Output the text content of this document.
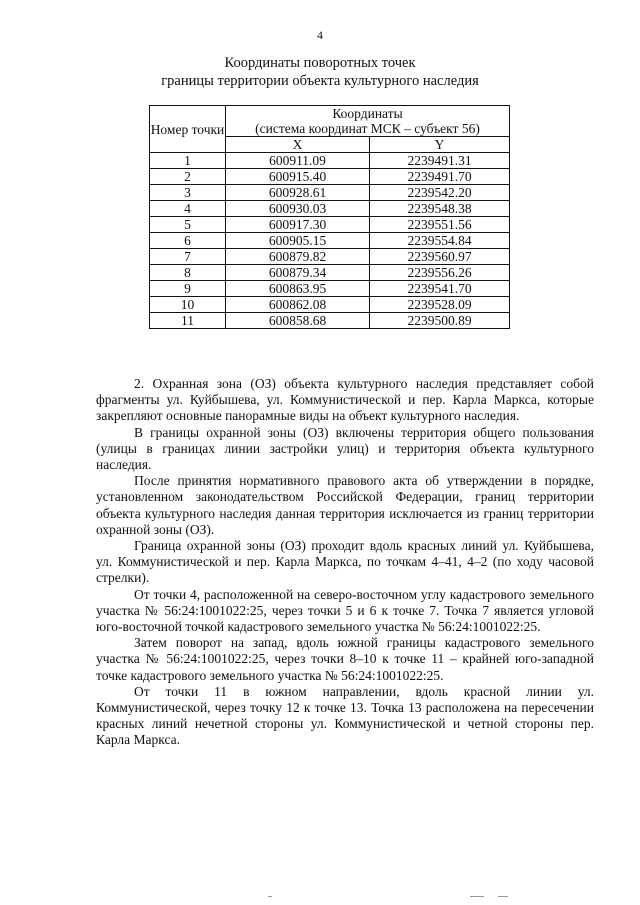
4
Координаты поворотных точек
границы территории объекта культурного наследия
Номер точки	Координаты
(система координат МСК – субъект 56)	

	X	Y
1	600911.09	2239491.31
2	600915.40	2239491.70
3	600928.61	2239542.20
4	600930.03	2239548.38
5	600917.30	2239551.56
6	600905.15	2239554.84
7	600879.82	2239560.97
8	600879.34	2239556.26
9	600863.95	2239541.70
10	600862.08	2239528.09
11	600858.68	2239500.89

2. Охранная зона (ОЗ) объекта культурного наследия представляет собой фрагменты ул. Куйбышева, ул. Коммунистической и пер. Карла Маркса, которые закрепляют основные панорамные виды на объект культурного наследия.

В границы охранной зоны (ОЗ) включены территория общего пользования (улицы в границах линии застройки улиц) и территория объекта культурного наследия.

После принятия нормативного правового акта об утверждении в порядке, установленном законодательством Российской Федерации, границ территории объекта культурного наследия данная территория исключается из границ территории охранной зоны (ОЗ).

Граница охранной зоны (ОЗ) проходит вдоль красных линий ул. Куйбышева, ул. Коммунистической и пер. Карла Маркса, по точкам 4–41, 4–2 (по ходу часовой стрелки).

От точки 4, расположенной на северо-восточном углу кадастрового земельного участка № 56:24:1001022:25, через точки 5 и 6 к точке 7. Точка 7 является угловой юго-восточной точкой кадастрового земельного участка № 56:24:1001022:25.

Затем поворот на запад, вдоль южной границы кадастрового земельного участка № 56:24:1001022:25, через точки 8–10 к точке 11 – крайней юго-западной точке кадастрового земельного участка № 56:24:1001022:25.

От точки 11 в южном направлении, вдоль красной линии ул. Коммунистической, через точку 12 к точке 13. Точка 13 расположена на пересечении красных линий нечетной стороны ул. Коммунистической и четной стороны пер. Карла Маркса.
